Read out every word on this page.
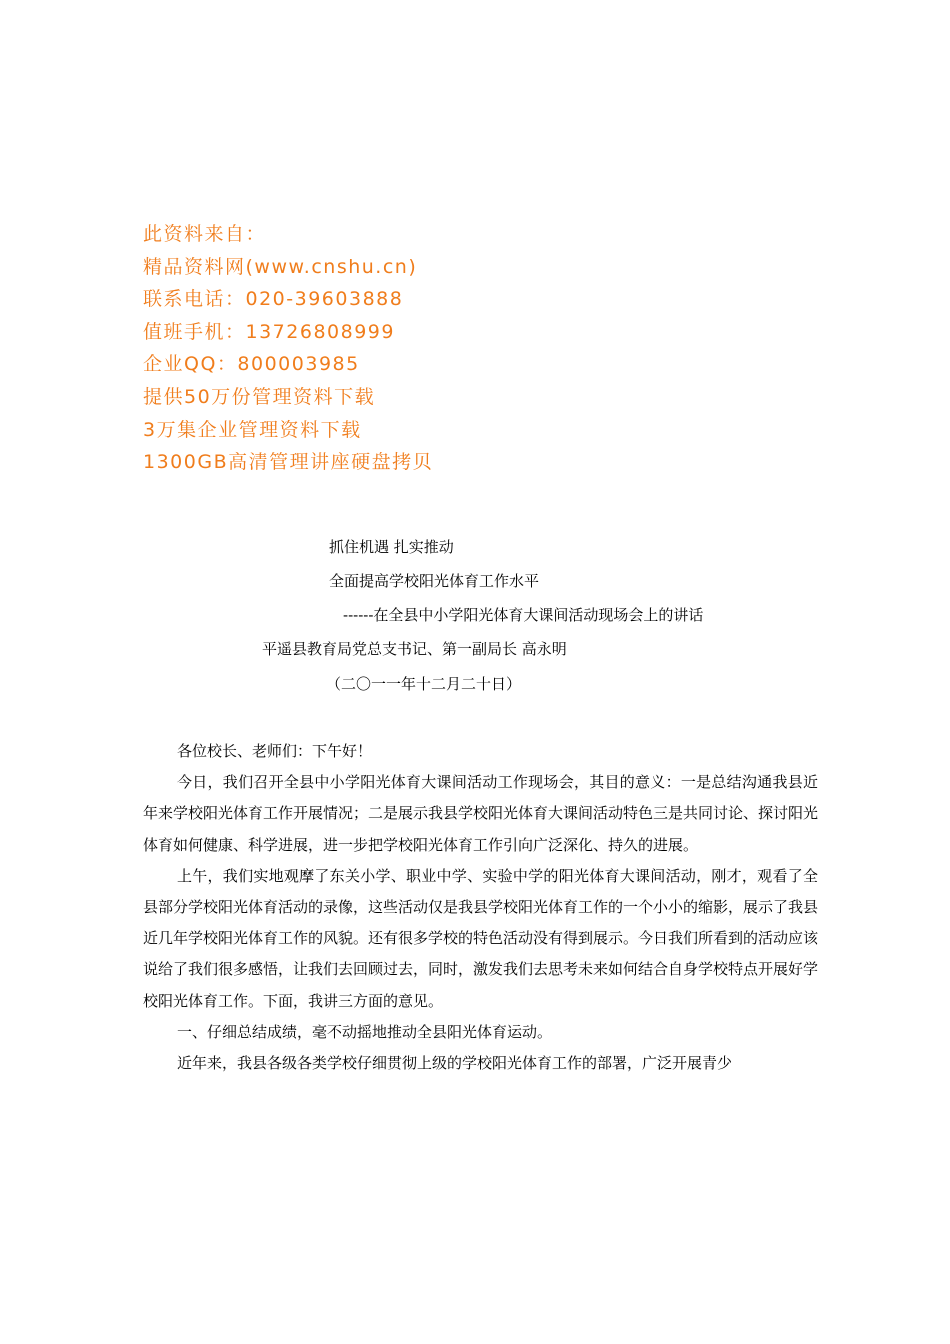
此资料来自：
精品资料网(www.cnshu.cn)
联系电话：020-39603888
值班手机：13726808999
企业QQ：800003985
提供50万份管理资料下载
3万集企业管理资料下载
1300GB高清管理讲座硬盘拷贝
抓住机遇 扎实推动
全面提高学校阳光体育工作水平
------在全县中小学阳光体育大课间活动现场会上的讲话
平遥县教育局党总支书记、第一副局长 高永明
（二〇一一年十二月二十日）

各位校长、老师们：下午好！

今日，我们召开全县中小学阳光体育大课间活动工作现场会，其目的意义：一是总结沟通我县近年来学校阳光体育工作开展情况；二是展示我县学校阳光体育大课间活动特色三是共同讨论、探讨阳光体育如何健康、科学进展，进一步把学校阳光体育工作引向广泛深化、持久的进展。

上午，我们实地观摩了东关小学、职业中学、实验中学的阳光体育大课间活动，刚才，观看了全县部分学校阳光体育活动的录像，这些活动仅是我县学校阳光体育工作的一个小小的缩影，展示了我县近几年学校阳光体育工作的风貌。还有很多学校的特色活动没有得到展示。今日我们所看到的活动应该说给了我们很多感悟，让我们去回顾过去，同时，激发我们去思考未来如何结合自身学校特点开展好学校阳光体育工作。下面，我讲三方面的意见。

一、仔细总结成绩，毫不动摇地推动全县阳光体育运动。

近年来，我县各级各类学校仔细贯彻上级的学校阳光体育工作的部署，广泛开展青少
